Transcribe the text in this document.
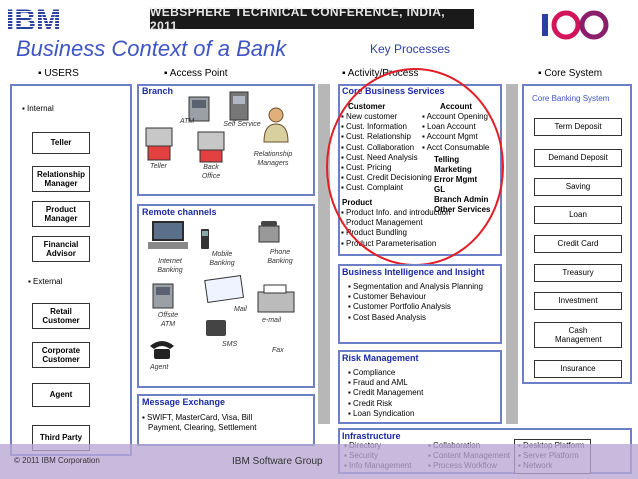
IBM	WEBSPHERE TECHNICAL CONFERENCE, INDIA, 2011
Business Context of a Bank	Key Processes
▪ USERS	▪ Access Point	▪ Activity/Process	▪ Core System
▪ Internal
Teller
Relationship Manager
Product Manager
Financial Advisor
▪ External
Retail Customer
Corporate Customer
Agent
Third Party
Branch
ATM	Self Service
Teller	Back Office
Relationship Managers
Remote channels
Internet Banking
Mobile Banking
Phone Banking
Offsite ATM
Mail
e-mail
SMS
Fax
Agent
Message Exchange
▪ SWIFT, MasterCard, Visa, Bill
Payment, Clearing, Settlement
Core Business Services
Customer	Account
▪ New customer
▪ Cust. Information
▪ Cust. Relationship
▪ Cust. Collaboration
▪ Cust. Need Analysis
▪ Cust. Pricing
▪ Cust. Credit Decisioning
▪ Cust. Complaint
▪ Account Opening
▪ Loan Account
▪ Account Mgmt
▪ Acct Consumable
Telling
Marketing
Error Mgmt
GL
Branch Admin
Other Services
Product
▪ Product Info. and introduction
▪ Product Management
▪ Product Bundling
▪ Product Parameterisation
Business Intelligence and Insight
▪ Segmentation and Analysis Planning
▪ Customer Behaviour
▪ Customer Portfolio Analysis
▪ Cost Based Analysis
Risk Management
▪ Compliance
▪ Fraud and AML
▪ Credit Management
▪ Credit Risk
▪ Loan Syndication
Core Banking System
Term Deposit
Demand Deposit
Saving
Loan
Credit Card
Treasury
Investment
Cash Management
Insurance
Infrastructure
© 2011 IBM Corporation	IBM Software Group
